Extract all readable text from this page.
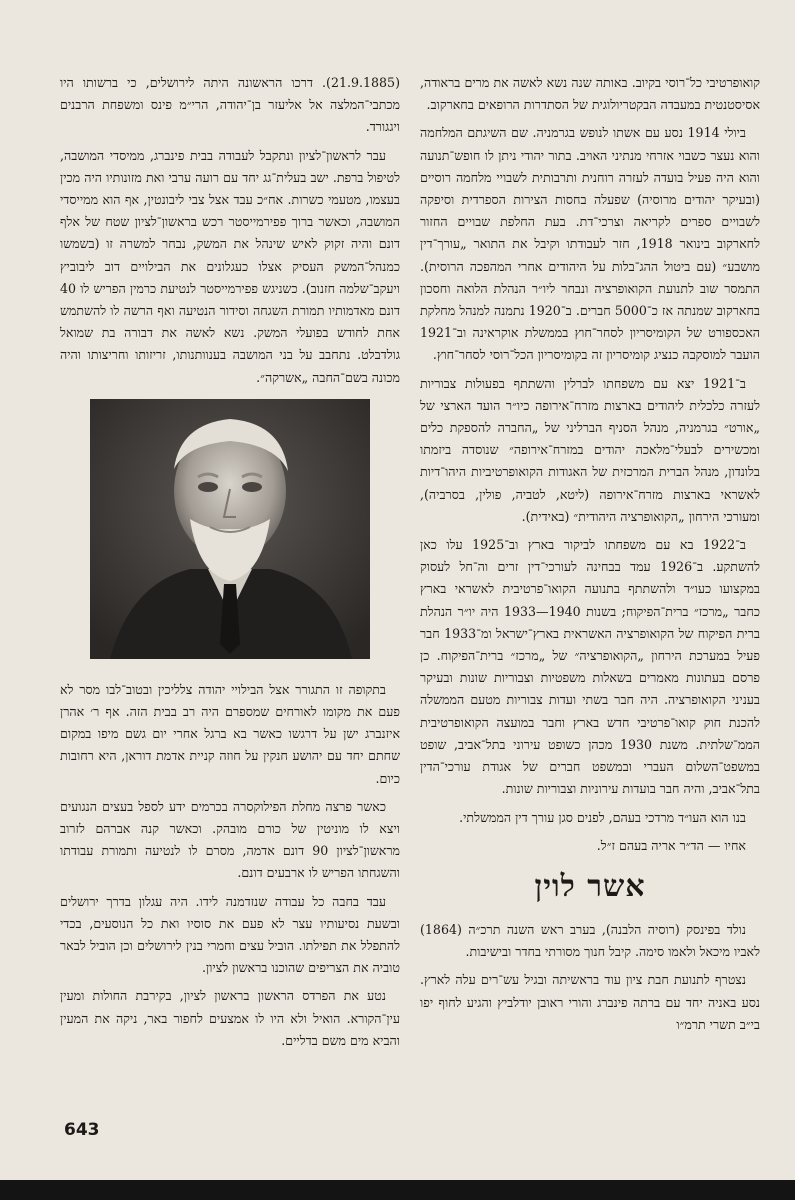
קואופרטיבי כל־רוסי בקיוב. באותה שנה נשא לאשה את מרים בראודה, אסיסטנטית במעבדה הבקטריולוגית של הסתדרות הרופאים בחארקוב.

ביולי 1914 נסע עם אשתו לנופש בגרמניה. שם השיגתם המלחמה והוא נעצר כשבוי אזרחי מנתיני האויב. בתור יהודי ניתן לו חופש־תנועה והוא היה פעיל בועדה לעזרה רוחנית ותרבותית לשבויי מלחמה רוסיים (ובעיקר יהודים מרוסיה) שפעלה בחסות הצירות הספרדית וסיפקה לשבויים ספרים לקריאה וצרכי־דת. בעת החלפת שבויים החזור לחארקוב בינואר 1918, חזר לעבודתו וקיבל את התואר „עורך־דין מושבע״ (עם ביטול ההג־בלות על היהודים אחרי המהפכה הרוסית). התמסר שוב לתנועת הקואופרציה ונבחר ליו״ר הנהלת הלואה וחסכון בחארקוב שמנתה אז כ־5000 חברים. ב־1920 נתמנה למנהל מחלקת האכספורט של הקומיסריון לסחר־חוץ בממשלת אוקראינה וב־1921 הועבר למוסקבה כנציג קומיסריון זה בקומיסריון הכל־רוסי לסחר־חוץ.

ב־1921 יצא עם משפחתו לברלין והשתתף בפעולות צבוריות לעזרה כלכלית ליהודים בארצות מזרח־אירופה כיו״ר הועד הארצי של „אורט״ בגרמניה, מנהל הסניף הברליני של „החברה להספקת כלים ומכשירים לבעלי־מלאכה יהודים במזרח־אירופה״ שנוסדה ביזמתו בלונדון, מנהל הברית המרכזית של האגודות הקואופרטיביות היהו־דיות לאשראי בארצות מזרח־אירופה (ליטא, לטביה, פולין, בסרביה), ומעורכי הירחון „הקואופרציה היהודית״ (באידית).

ב־1922 בא עם משפחתו לביקור בארץ וב־1925 עלו כאן להשתקע. ב־1926 עמד בבחינה לעורכי־דין זרים וה־חל לעסוק במקצועו כעו״ד ולהשתתף בתנועה הקואו־פרטיבית לאשראי בארץ כחבר „מרכז״ ברית־הפיקוח; בשנות 1940—1933 היה יו״ר הנהלת ברית הפיקוח של הקואופרציה האשראית בארץ־ישראל ומ־1933 חבר פעיל במערכת הירחון „הקואופרציה״ של „מרכז״ ברית־הפיקוח. כן פרסם בעתונות מאמרים בשאלות משפטיות וצבוריות שונות ובעיקר בעניני הקואופרציה. היה חבר בשתי ועדות צבוריות מטעם הממשלה להכנת חוק קואו־פרטיבי חדש בארץ וחבר במועצה הקואופרטיבית הממ־שלתית. משנת 1930 מכהן כשופט עירוני בתל־אביב, שופט במשפט־השלום העברי ובמשפט חברים של אגודת עורכי־הדין בתל־אביב, והיה חבר בועדות עירוניות וצבוריות שונות.

בנו הוא העו״ד מרדכי בעהם, לפנים סגן עורך דין הממשלתי.

אחיו — הד״ר אריה בעהם ז״ל.

אשר לוין

נולד בפינסק (רוסיה הלבנה), בערב ראש השנה תרכ״ה (1864) לאביו מיכאל ולאמו סימה. קיבל חנוך מסורתי בחדר ובישיבות.

נצטרף לתנועת חבת ציון עוד בראשיתה ובגיל עש־רים עלה לארץ. נסע באניה יחד עם ברתה פינברג והורי ראובן יודלביץ והגיע לחוף יפו בי״ב תשרי תרמ״ו

(21.9.1885). דרכו הראשונה היתה לירושלים, כי ברשותו היו מכתבי־המלצה אל אליעזר בן־יהודה, הרי״מ פינס ומשפחת הרבנים ויגגורד.

עבר לראשון־לציון ונתקבל לעבודה בבית פינברג, ממיסדי המושבה, לטיפול ברפת. ישב בעלית־גג יחד עם רועה ערבי ואת מזונותיו היה מכין בעצמו, מטעמי כשרות. אח״כ עבד אצל צבי ליבונטין, אף הוא ממייסדי המושבה, וכאשר ברוך פפירמייסטר רכש בראשון־לציון שטח של אלף דונם והיה זקוק לאיש שינהל את המשק, נבחר למשרה זו (בשמשו כמנהל־המשק העסיק אצלו כעגלונים את הבילויים דוב ליבוביץ ויעקב־שלמה חזנוב). כשניגש פפירמייסטר לנטיעת כרמין הפריש לו 40 דונם מאדמותיו תמורת השגחה וסידור הנטיעה ואף הרשה לו להשתמש אחת לחודש בפועלי המשק. נשא לאשה את דבורה בת שמואל גולדבלט. נתחבב על בני המושבה בענוותנותו, זריזותו וחריצותו והיה מכונה בשם־החבה „אשרקה״.

בתקופה זו התגורר אצל הבילויי יהודה צלליכין ובטוב־לבו מסר לא פעם את מקומו לאורחים שמספרם היה רב בבית הזה. אף ר׳ אהרן איזנברג ישן על דרגשו כאשר בא ברגל אחרי יום גשם מיפו במקום שחתם יחד עם יהושע חנקין על חוזה קניית אדמת דוראן, היא רחובות כיום.

כאשר פרצה מחלת הפילוקסרה בכרמים ידע לספל בעצים הנגועים ויצא לו מוניטין של כורם מובהק. וכאשר קנה אברהם לזרוב מראשון־לציון 90 דונם אדמה, מסרם לו לנטיעה ותמורת עבודתו והשגחתו הפריש לו ארבעים דונם.

עבד בחבה כל עבודה שנזדמנה לידו. היה עגלון בדרך ירושלים ובשעת נסיעותיו עצר לא פעם את סוסיו ואת כל הנוסעים, בכדי להתפלל את תפילתו. הוביל עצים וחמרי בנין לירושלים וכן הוביל לבאר טוביה את הצריפים שהוכנו בראשון לציון.

נטע את הפרדס הראשון בראשון לציון, בקירבת החולות ומעין עין־הקורא. הואיל ולא היו לו אמצעים לחפור באר, ניקה את המעין והביא מים משם בדליים.

643
